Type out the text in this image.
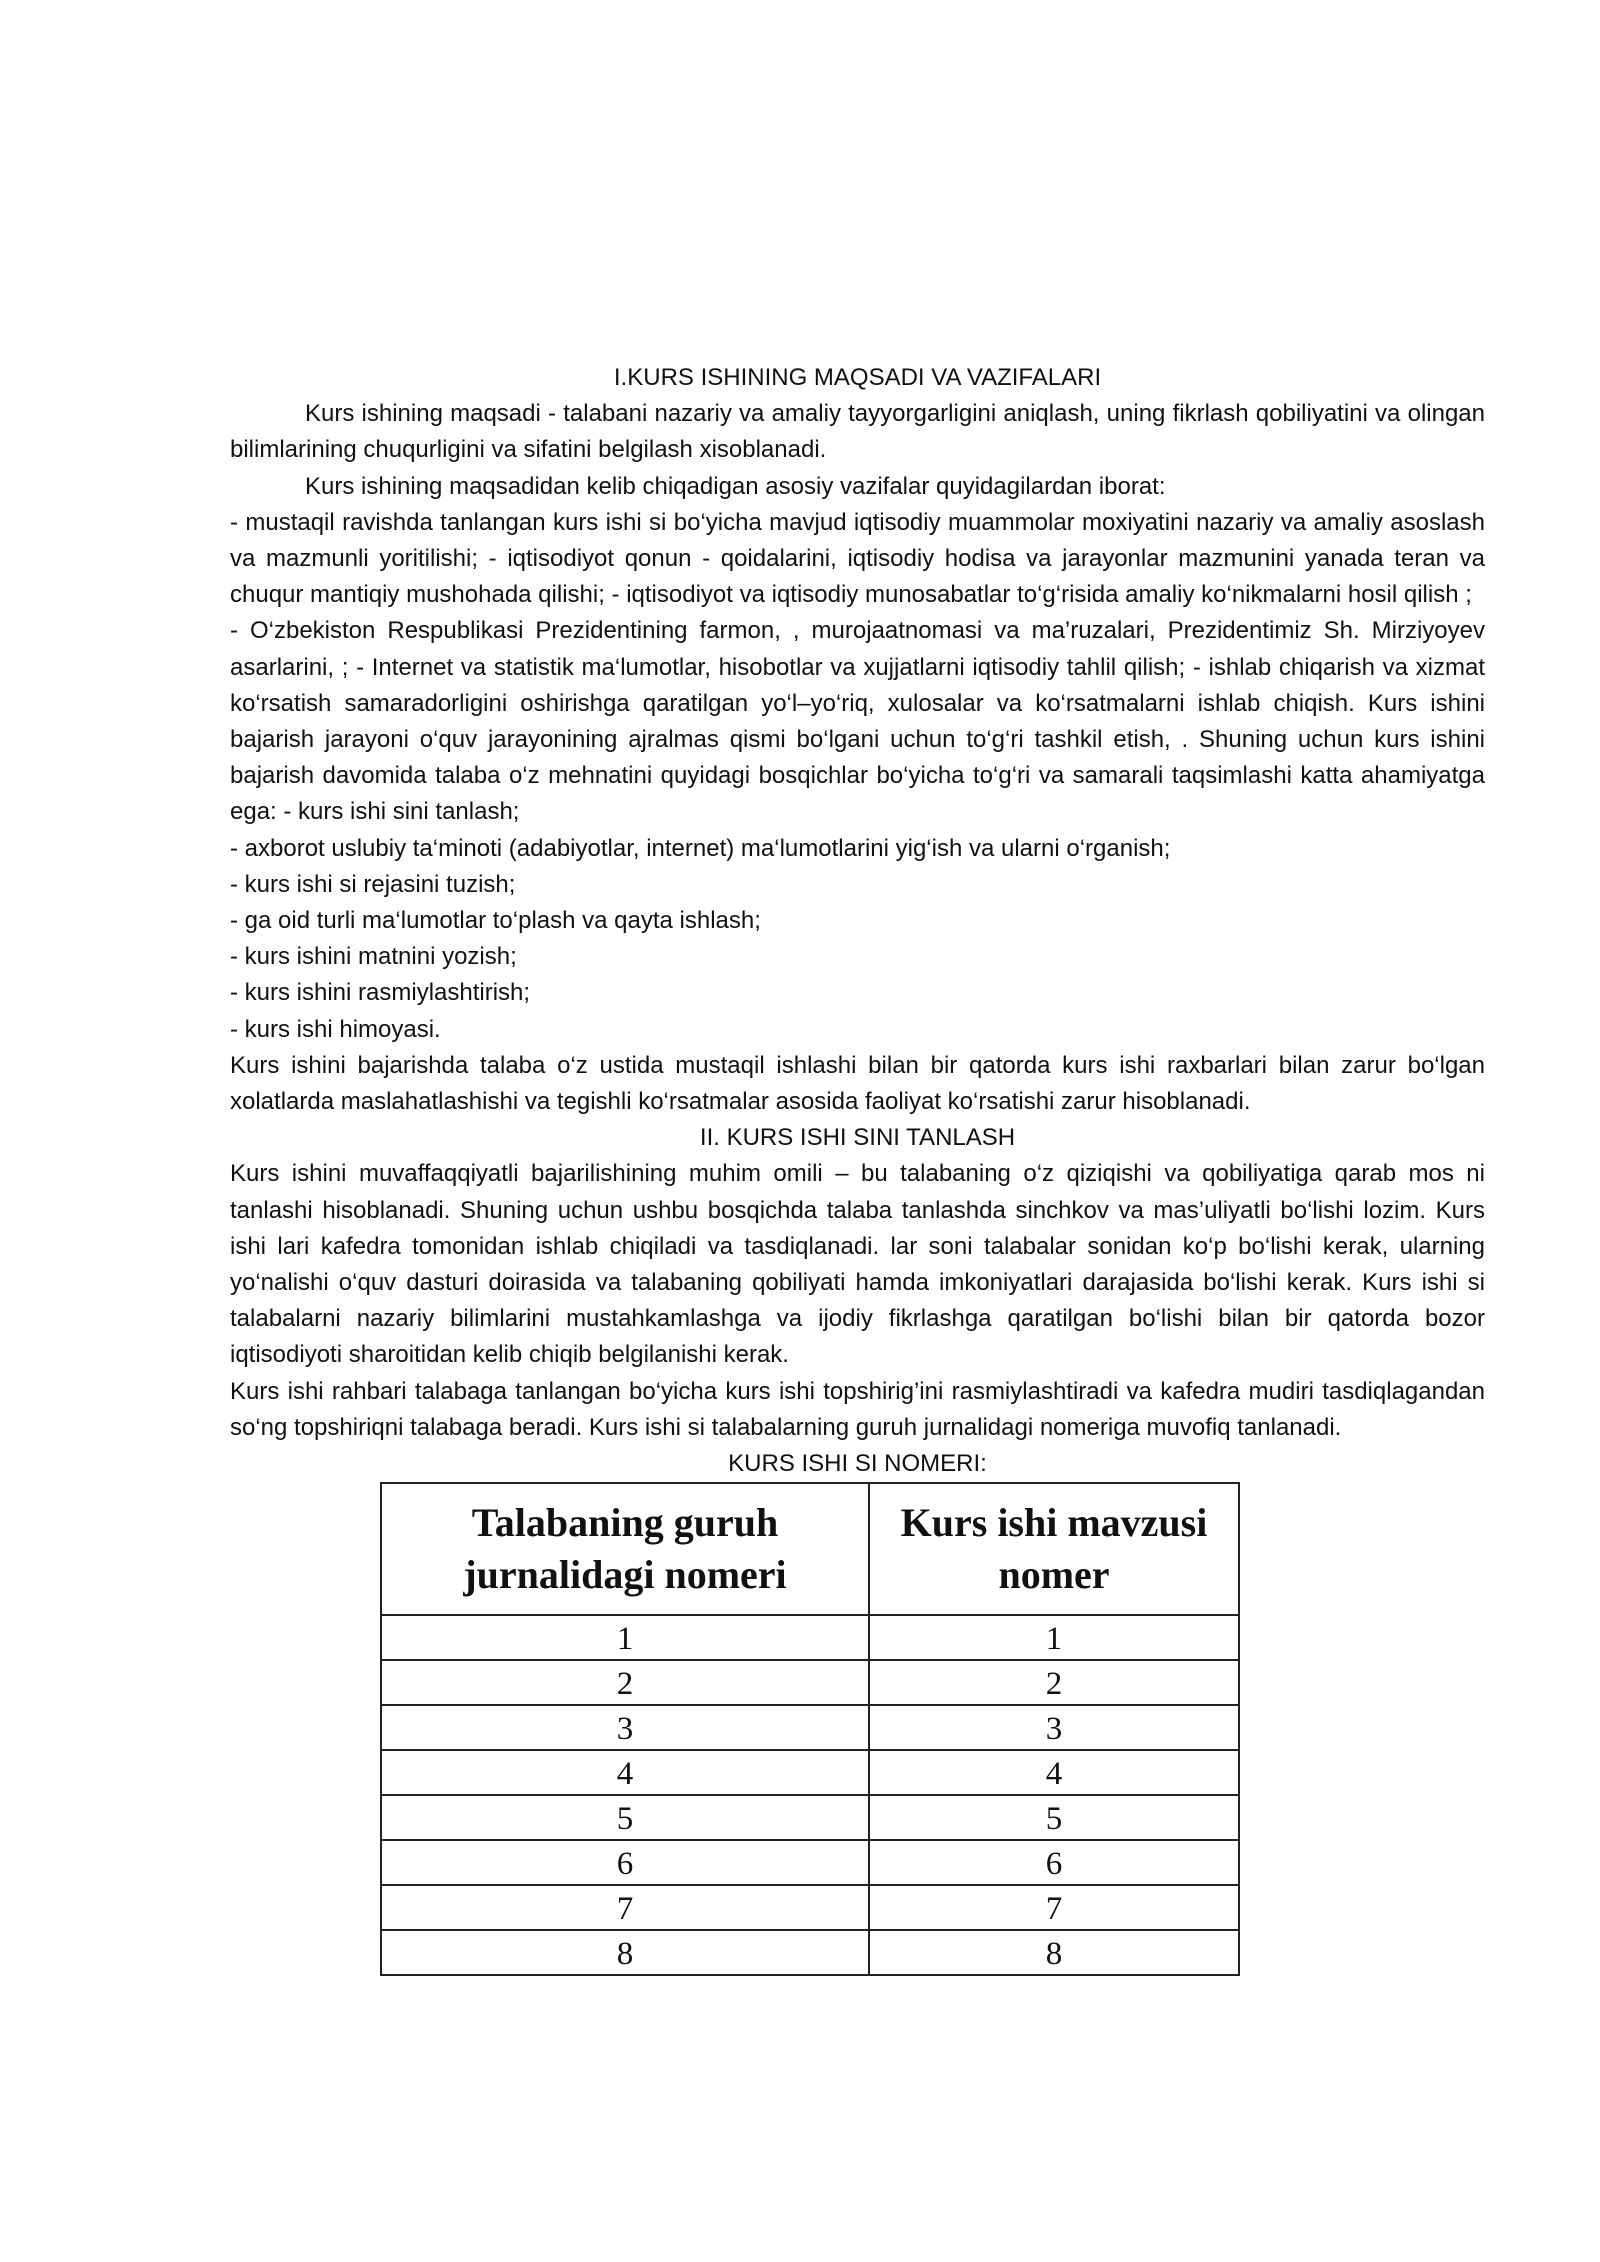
I.KURS ISHINING MAQSADI VA VAZIFALARI

Kurs ishining maqsadi - talabani nazariy va amaliy tayyorgarligini aniqlash, uning fikrlash qobiliyatini va olingan bilimlarining chuqurligini va sifatini belgilash xisoblanadi.

Kurs ishining maqsadidan kelib chiqadigan asosiy vazifalar quyidagilardan iborat:

- mustaqil ravishda tanlangan kurs ishi si bo‘yicha mavjud iqtisodiy muammolar moxiyatini nazariy va amaliy asoslash va mazmunli yoritilishi; - iqtisodiyot qonun - qoidalarini, iqtisodiy hodisa va jarayonlar mazmunini yanada teran va chuqur mantiqiy mushohada qilishi; - iqtisodiyot va iqtisodiy munosabatlar to‘g‘risida amaliy ko‘nikmalarni hosil qilish ;

- O‘zbekiston Respublikasi Prezidentining farmon, , murojaatnomasi va ma’ruzalari, Prezidentimiz Sh. Mirziyoyev asarlarini, ; - Internet va statistik ma‘lumotlar, hisobotlar va xujjatlarni iqtisodiy tahlil qilish; - ishlab chiqarish va xizmat ko‘rsatish samaradorligini oshirishga qaratilgan yo‘l–yo‘riq, xulosalar va ko‘rsatmalarni ishlab chiqish. Kurs ishini bajarish jarayoni o‘quv jarayonining ajralmas qismi bo‘lgani uchun to‘g‘ri tashkil etish, . Shuning uchun kurs ishini bajarish davomida talaba o‘z mehnatini quyidagi bosqichlar bo‘yicha to‘g‘ri va samarali taqsimlashi katta ahamiyatga ega: - kurs ishi sini tanlash;

- axborot uslubiy ta‘minoti (adabiyotlar, internet) ma‘lumotlarini yig‘ish va ularni o‘rganish;

- kurs ishi si rejasini tuzish;

- ga oid turli ma‘lumotlar to‘plash va qayta ishlash;

- kurs ishini matnini yozish;

- kurs ishini rasmiylashtirish;

- kurs ishi himoyasi.

Kurs ishini bajarishda talaba o‘z ustida mustaqil ishlashi bilan bir qatorda kurs ishi raxbarlari bilan zarur bo‘lgan xolatlarda maslahatlashishi va tegishli ko‘rsatmalar asosida faoliyat ko‘rsatishi zarur hisoblanadi.

II. KURS ISHI SINI TANLASH

Kurs ishini muvaffaqqiyatli bajarilishining muhim omili – bu talabaning o‘z qiziqishi va qobiliyatiga qarab mos ni tanlashi hisoblanadi. Shuning uchun ushbu bosqichda talaba tanlashda sinchkov va mas’uliyatli bo‘lishi lozim. Kurs ishi lari kafedra tomonidan ishlab chiqiladi va tasdiqlanadi. lar soni talabalar sonidan ko‘p bo‘lishi kerak, ularning yo‘nalishi o‘quv dasturi doirasida va talabaning qobiliyati hamda imkoniyatlari darajasida bo‘lishi kerak. Kurs ishi si talabalarni nazariy bilimlarini mustahkamlashga va ijodiy fikrlashga qaratilgan bo‘lishi bilan bir qatorda bozor iqtisodiyoti sharoitidan kelib chiqib belgilanishi kerak.

Kurs ishi rahbari talabaga tanlangan bo‘yicha kurs ishi topshirig’ini rasmiylashtiradi va kafedra mudiri tasdiqlagandan so‘ng topshiriqni talabaga beradi. Kurs ishi si talabalarning guruh jurnalidagi nomeriga muvofiq tanlanadi.

KURS ISHI SI NOMERI:

Talabaning guruh jurnalidagi nomeri	Kurs ishi mavzusi nomer
1	1
2	2
3	3
4	4
5	5
6	6
7	7
8	8
